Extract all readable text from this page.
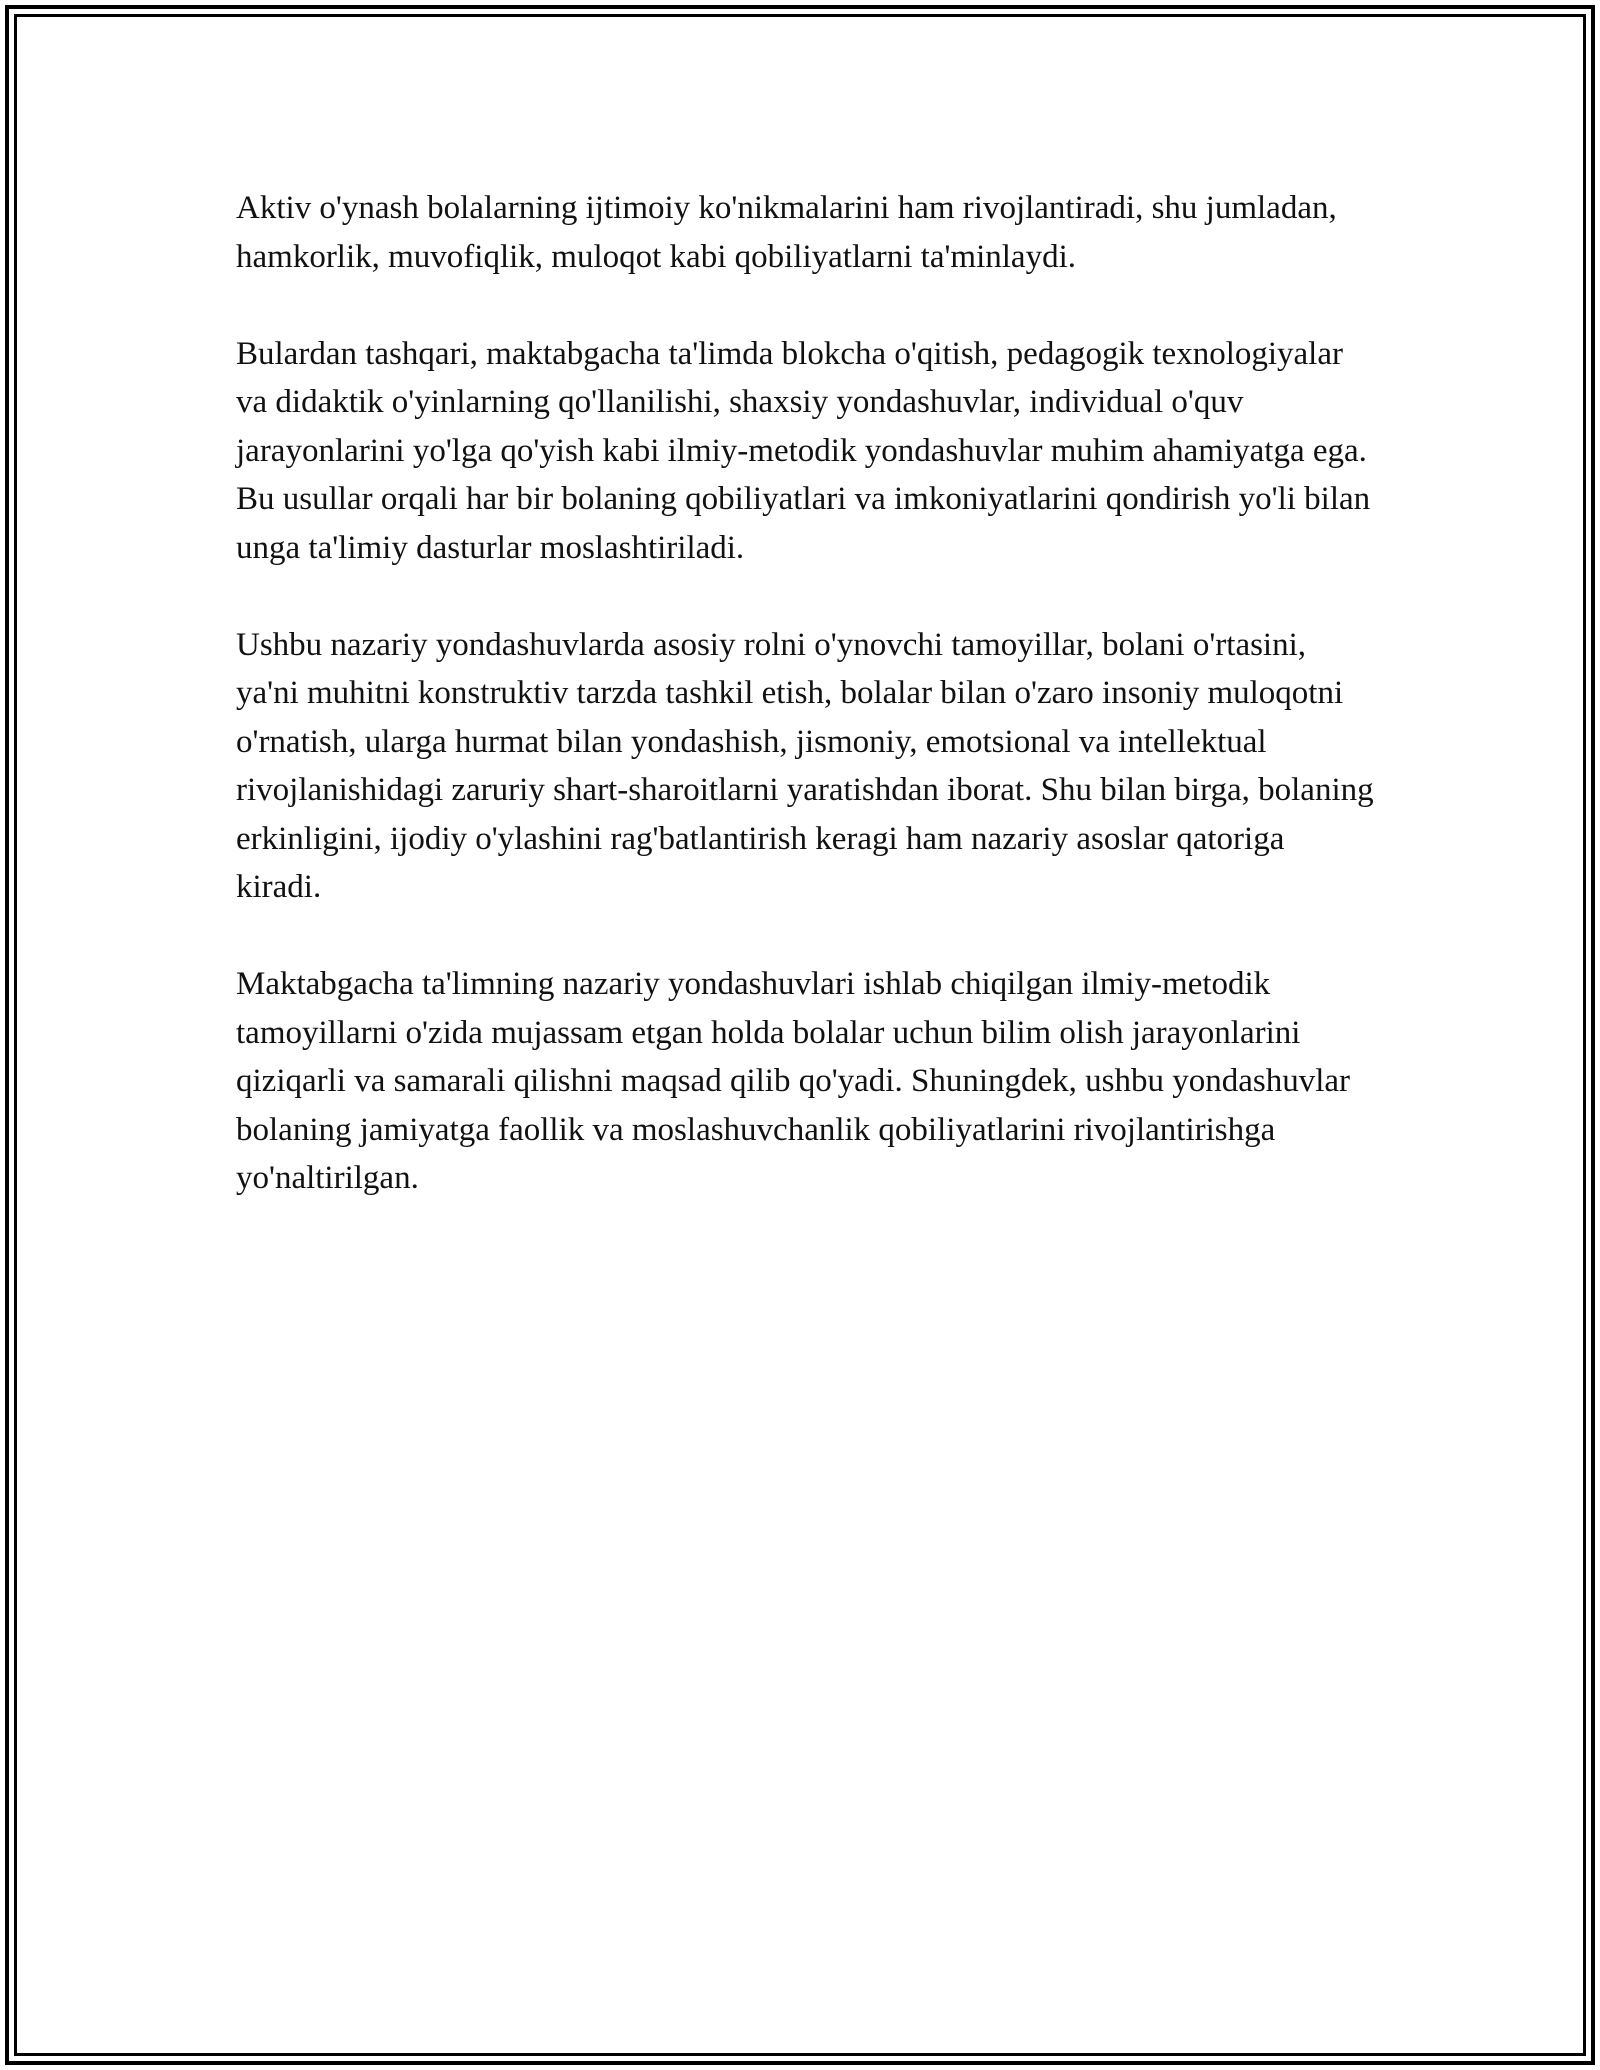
Aktiv o'ynash bolalarning ijtimoiy ko'nikmalarini ham rivojlantiradi, shu jumladan, hamkorlik, muvofiqlik, muloqot kabi qobiliyatlarni ta'minlaydi.

Bulardan tashqari, maktabgacha ta'limda blokcha o'qitish, pedagogik texnologiyalar va didaktik o'yinlarning qo'llanilishi, shaxsiy yondashuvlar, individual o'quv jarayonlarini yo'lga qo'yish kabi ilmiy-metodik yondashuvlar muhim ahamiyatga ega. Bu usullar orqali har bir bolaning qobiliyatlari va imkoniyatlarini qondirish yo'li bilan unga ta'limiy dasturlar moslashtiriladi.

Ushbu nazariy yondashuvlarda asosiy rolni o'ynovchi tamoyillar, bolani o'rtasini, ya'ni muhitni konstruktiv tarzda tashkil etish, bolalar bilan o'zaro insoniy muloqotni o'rnatish, ularga hurmat bilan yondashish, jismoniy, emotsional va intellektual rivojlanishidagi zaruriy shart-sharoitlarni yaratishdan iborat. Shu bilan birga, bolaning erkinligini, ijodiy o'ylashini rag'batlantirish keragi ham nazariy asoslar qatoriga kiradi.

Maktabgacha ta'limning nazariy yondashuvlari ishlab chiqilgan ilmiy-metodik tamoyillarni o'zida mujassam etgan holda bolalar uchun bilim olish jarayonlarini qiziqarli va samarali qilishni maqsad qilib qo'yadi. Shuningdek, ushbu yondashuvlar bolaning jamiyatga faollik va moslashuvchanlik qobiliyatlarini rivojlantirishga yo'naltirilgan.
